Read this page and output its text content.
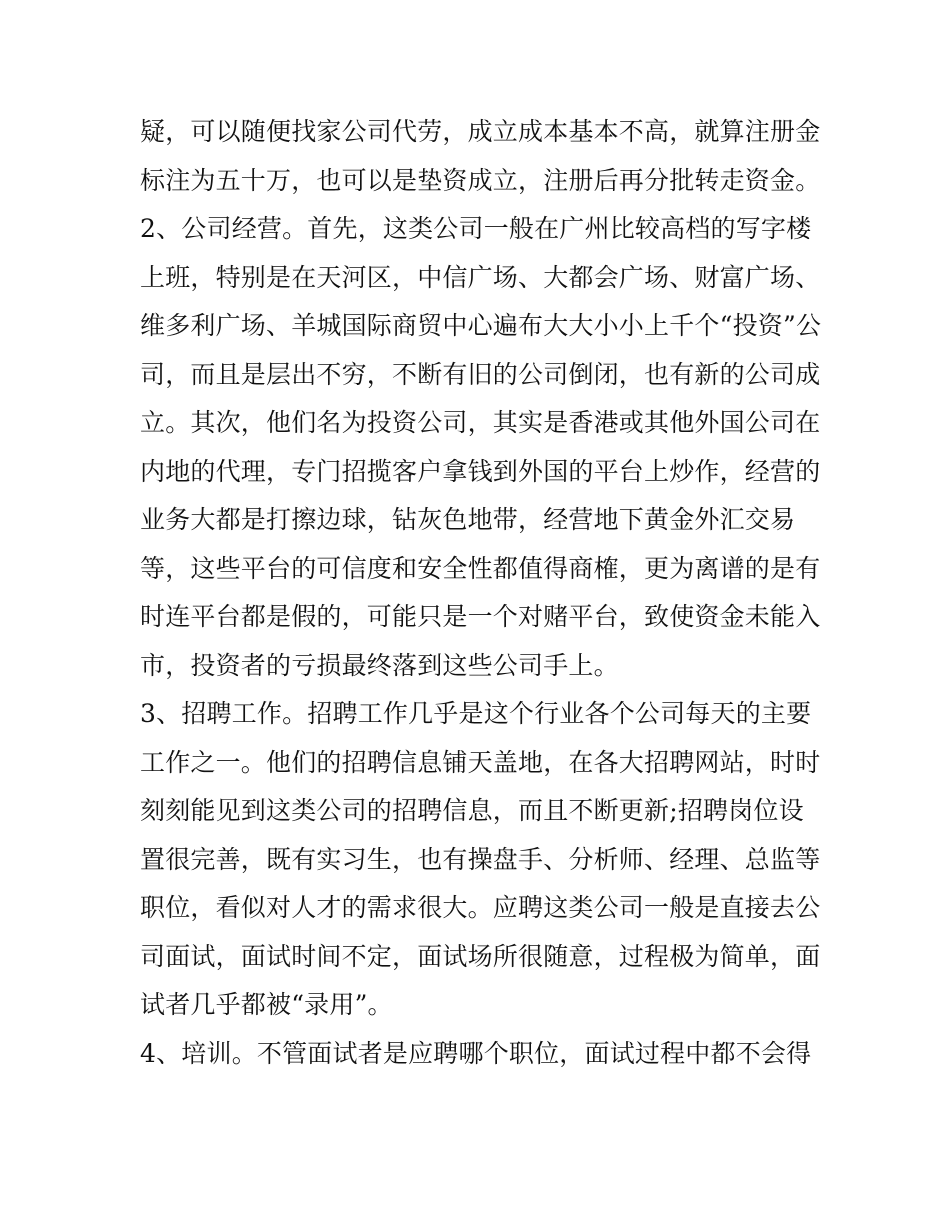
疑，可以随便找家公司代劳，成立成本基本不高，就算注册金
标注为五十万，也可以是垫资成立，注册后再分批转走资金。
2、公司经营。首先，这类公司一般在广州比较高档的写字楼
上班，特别是在天河区，中信广场、大都会广场、财富广场、
维多利广场、羊城国际商贸中心遍布大大小小上千个“投资”公
司，而且是层出不穷，不断有旧的公司倒闭，也有新的公司成
立。其次，他们名为投资公司，其实是香港或其他外国公司在
内地的代理，专门招揽客户拿钱到外国的平台上炒作，经营的
业务大都是打擦边球，钻灰色地带，经营地下黄金外汇交易
等，这些平台的可信度和安全性都值得商榷，更为离谱的是有
时连平台都是假的，可能只是一个对赌平台，致使资金未能入
市，投资者的亏损最终落到这些公司手上。
3、招聘工作。招聘工作几乎是这个行业各个公司每天的主要
工作之一。他们的招聘信息铺天盖地，在各大招聘网站，时时
刻刻能见到这类公司的招聘信息，而且不断更新;招聘岗位设
置很完善，既有实习生，也有操盘手、分析师、经理、总监等
职位，看似对人才的需求很大。应聘这类公司一般是直接去公
司面试，面试时间不定，面试场所很随意，过程极为简单，面
试者几乎都被“录用”。
4、培训。不管面试者是应聘哪个职位，面试过程中都不会得
